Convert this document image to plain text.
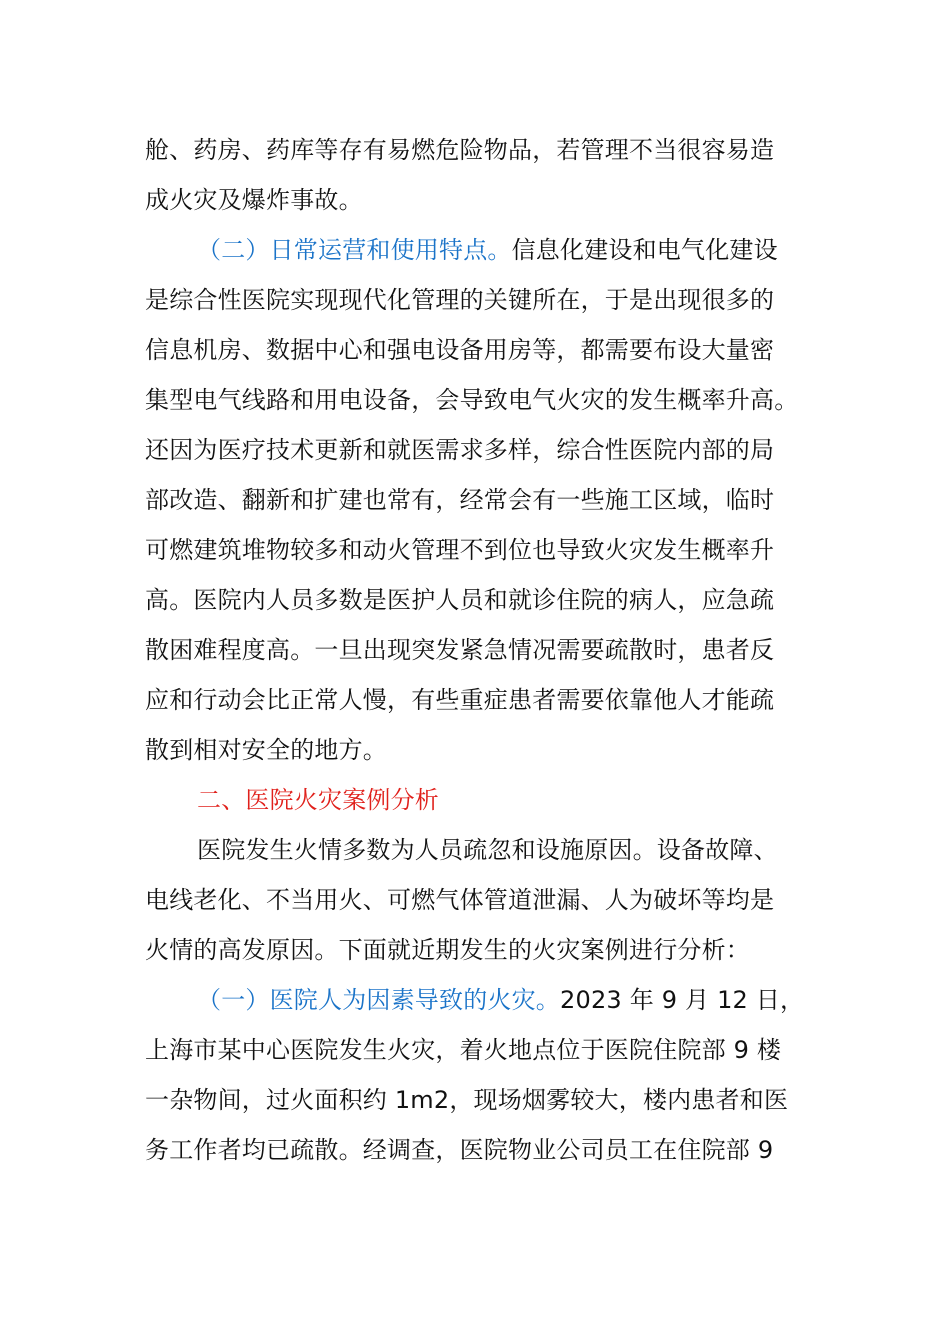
舱、药房、药库等存有易燃危险物品，若管理不当很容易造
成火灾及爆炸事故。
（二）日常运营和使用特点。信息化建设和电气化建设
是综合性医院实现现代化管理的关键所在，于是出现很多的
信息机房、数据中心和强电设备用房等，都需要布设大量密
集型电气线路和用电设备，会导致电气火灾的发生概率升高。
还因为医疗技术更新和就医需求多样，综合性医院内部的局
部改造、翻新和扩建也常有，经常会有一些施工区域，临时
可燃建筑堆物较多和动火管理不到位也导致火灾发生概率升
高。医院内人员多数是医护人员和就诊住院的病人，应急疏
散困难程度高。一旦出现突发紧急情况需要疏散时，患者反
应和行动会比正常人慢，有些重症患者需要依靠他人才能疏
散到相对安全的地方。
二、医院火灾案例分析
医院发生火情多数为人员疏忽和设施原因。设备故障、
电线老化、不当用火、可燃气体管道泄漏、人为破坏等均是
火情的高发原因。下面就近期发生的火灾案例进行分析：
（一）医院人为因素导致的火灾。2023 年 9 月 12 日，
上海市某中心医院发生火灾，着火地点位于医院住院部 9 楼
一杂物间，过火面积约 1m2，现场烟雾较大，楼内患者和医
务工作者均已疏散。经调查，医院物业公司员工在住院部 9
